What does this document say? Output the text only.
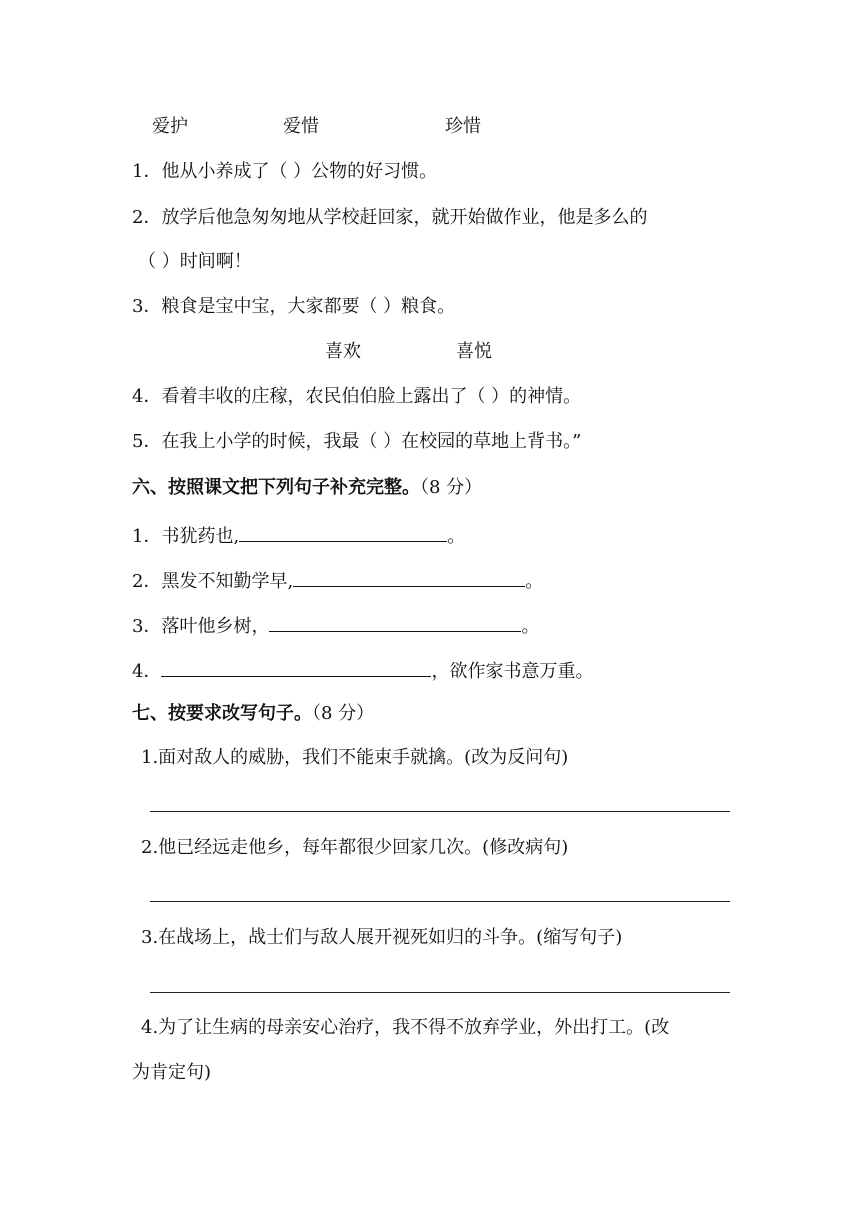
爱护	爱惜	珍惜
1．他从小养成了（ ）公物的好习惯。
2．放学后他急匆匆地从学校赶回家，就开始做作业，他是多么的
（ ）时间啊！
3．粮食是宝中宝，大家都要（ ）粮食。
喜欢	喜悦
4．看着丰收的庄稼，农民伯伯脸上露出了（ ）的神情。
5．在我上小学的时候，我最（ ）在校园的草地上背书。”
六、按照课文把下列句子补充完整。（8 分）
1．书犹药也,	。
2．黑发不知勤学早,	。
3．落叶他乡树，	。
4．	，欲作家书意万重。
七、按要求改写句子。（8 分）
1.面对敌人的威胁，我们不能束手就擒。(改为反问句)
2.他已经远走他乡，每年都很少回家几次。(修改病句)
3.在战场上，战士们与敌人展开视死如归的斗争。(缩写句子)
4.为了让生病的母亲安心治疗，我不得不放弃学业，外出打工。(改
为肯定句)
